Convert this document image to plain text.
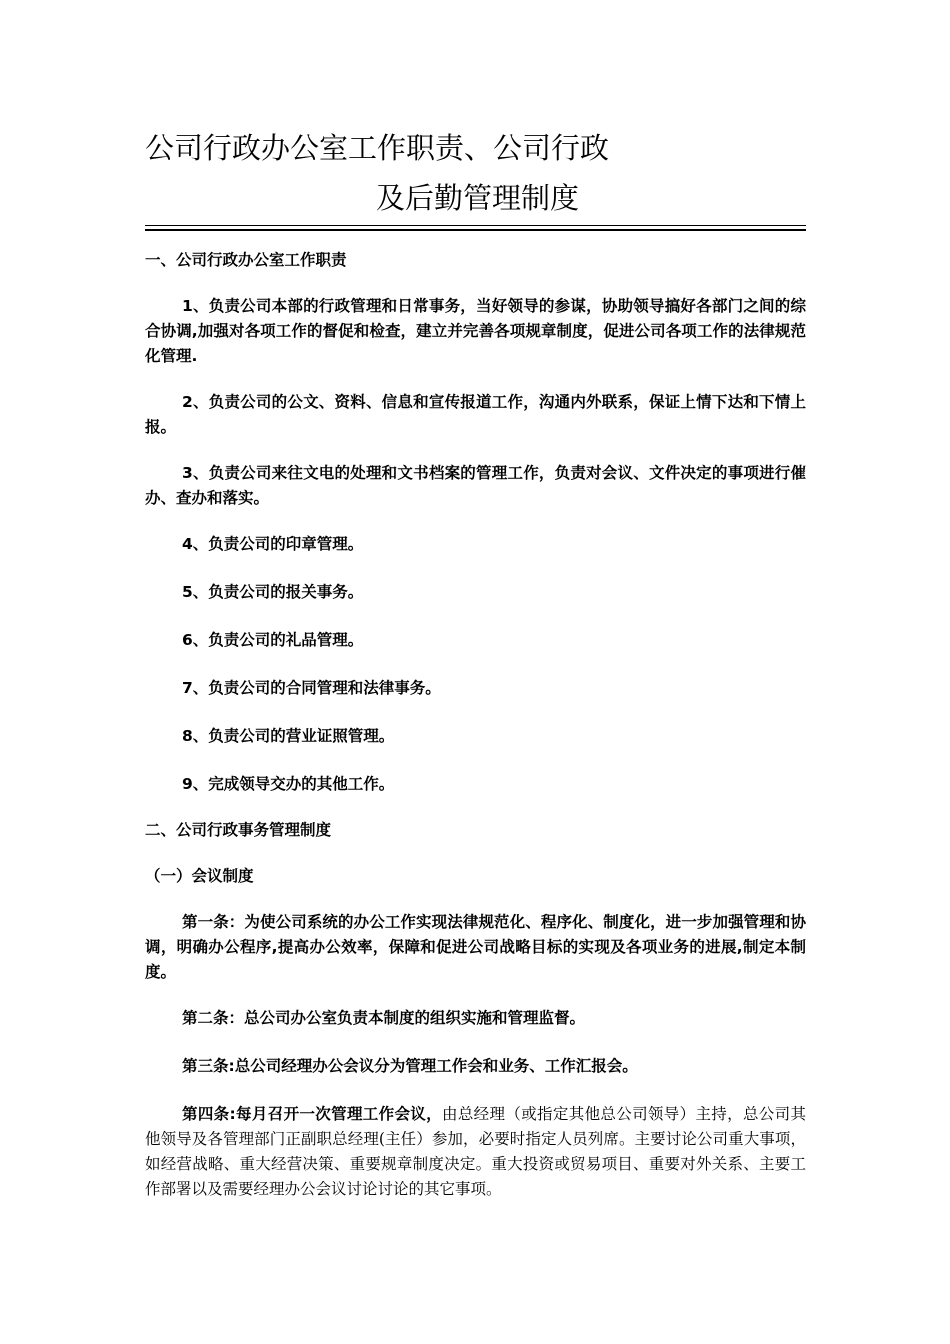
公司行政办公室工作职责、公司行政
及后勤管理制度

一、公司行政办公室工作职责

1、负责公司本部的行政管理和日常事务，当好领导的参谋，协助领导搞好各部门之间的综合协调,加强对各项工作的督促和检查，建立并完善各项规章制度，促进公司各项工作的法律规范化管理.

2、负责公司的公文、资料、信息和宣传报道工作，沟通内外联系，保证上情下达和下情上报。

3、负责公司来往文电的处理和文书档案的管理工作，负责对会议、文件决定的事项进行催办、查办和落实。

4、负责公司的印章管理。

5、负责公司的报关事务。

6、负责公司的礼品管理。

7、负责公司的合同管理和法律事务。

8、负责公司的营业证照管理。

9、完成领导交办的其他工作。

二、公司行政事务管理制度

（一）会议制度

第一条：为使公司系统的办公工作实现法律规范化、程序化、制度化，进一步加强管理和协调，明确办公程序,提高办公效率，保障和促进公司战略目标的实现及各项业务的进展,制定本制度。

第二条：总公司办公室负责本制度的组织实施和管理监督。

第三条:总公司经理办公会议分为管理工作会和业务、工作汇报会。

第四条:每月召开一次管理工作会议，由总经理（或指定其他总公司领导）主持，总公司其他领导及各管理部门正副职总经理(主任）参加，必要时指定人员列席。主要讨论公司重大事项，如经营战略、重大经营决策、重要规章制度决定。重大投资或贸易项目、重要对外关系、主要工作部署以及需要经理办公会议讨论讨论的其它事项。
